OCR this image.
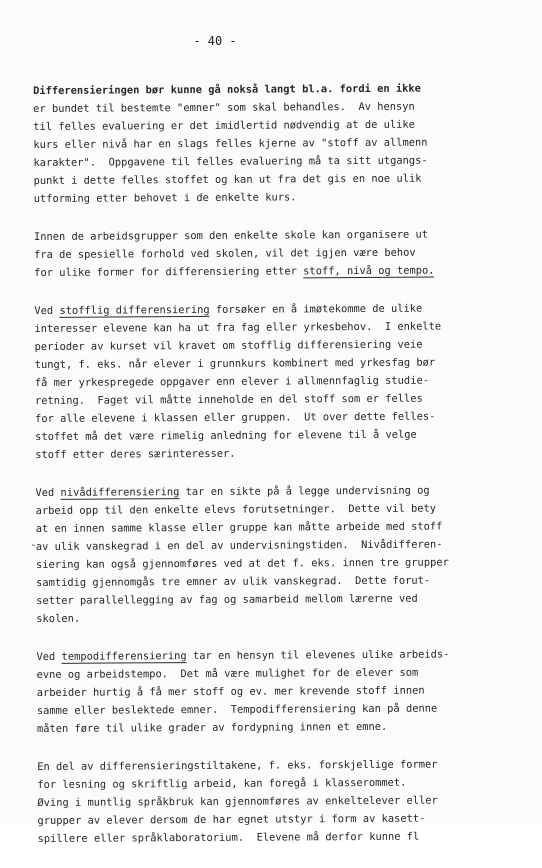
- 40 -
-
Differensieringen bør kunne gå nokså langt bl.a. fordi en ikke
er bundet til bestemte "emner" som skal behandles.  Av hensyn
til felles evaluering er det imidlertid nødvendig at de ulike
kurs eller nivå har en slags felles kjerne av "stoff av allmenn
karakter".  Oppgavene til felles evaluering må ta sitt utgangs-
punkt i dette felles stoffet og kan ut fra det gis en noe ulik
utforming etter behovet i de enkelte kurs.
Innen de arbeidsgrupper som den enkelte skole kan organisere ut
fra de spesielle forhold ved skolen, vil det igjen være behov
for ulike former for differensiering etter stoff, nivå og tempo.
Ved stofflig differensiering forsøker en å imøtekomme de ulike
interesser elevene kan ha ut fra fag eller yrkesbehov.  I enkelte
perioder av kurset vil kravet om stofflig differensiering veie
tungt, f. eks. når elever i grunnkurs kombinert med yrkesfag bør
få mer yrkespregede oppgaver enn elever i allmennfaglig studie-
retning.  Faget vil måtte inneholde en del stoff som er felles
for alle elevene i klassen eller gruppen.  Ut over dette felles-
stoffet må det være rimelig anledning for elevene til å velge
stoff etter deres særinteresser.
Ved nivådifferensiering tar en sikte på å legge undervisning og
arbeid opp til den enkelte elevs forutsetninger.  Dette vil bety
at en innen samme klasse eller gruppe kan måtte arbeide med stoff
av ulik vanskegrad i en del av undervisningstiden.  Nivådifferen-
siering kan også gjennomføres ved at det f. eks. innen tre grupper
samtidig gjennomgås tre emner av ulik vanskegrad.  Dette forut-
setter parallellegging av fag og samarbeid mellom lærerne ved
skolen.
Ved tempodifferensiering tar en hensyn til elevenes ulike arbeids-
evne og arbeidstempo.  Det må være mulighet for de elever som
arbeider hurtig å få mer stoff og ev. mer krevende stoff innen
samme eller beslektede emner.  Tempodifferensiering kan på denne
måten føre til ulike grader av fordypning innen et emne.
En del av differensieringstiltakene, f. eks. forskjellige former
for lesning og skriftlig arbeid, kan foregå i klasserommet.
Øving i muntlig språkbruk kan gjennomføres av enkeltelever eller
grupper av elever dersom de har egnet utstyr i form av kasett-
spillere eller språklaboratorium.  Elevene må derfor kunne fl
